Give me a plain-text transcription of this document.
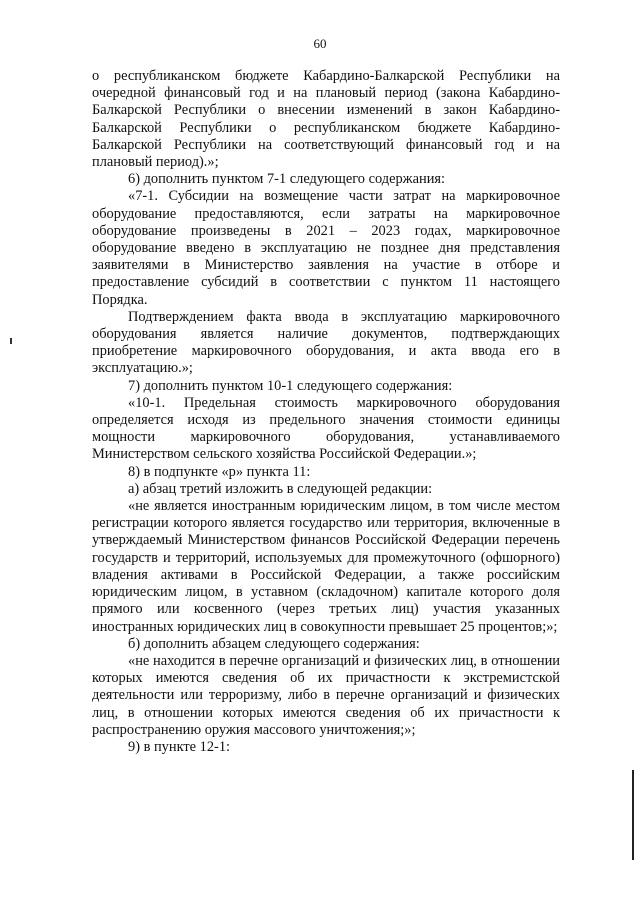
60

о республиканском бюджете Кабардино-Балкарской Республики на очередной финансовый год и на плановый период (закона Кабардино-Балкарской Республики о внесении изменений в закон Кабардино-Балкарской Республики о республиканском бюджете Кабардино-Балкарской Республики на соответствующий финансовый год и на плановый период).»;

6) дополнить пунктом 7-1 следующего содержания:

«7-1. Субсидии на возмещение части затрат на маркировочное оборудование предоставляются, если затраты на маркировочное оборудование произведены в 2021 – 2023 годах, маркировочное оборудование введено в эксплуатацию не позднее дня представления заявителями в Министерство заявления на участие в отборе и предоставление субсидий в соответствии с пунктом 11 настоящего Порядка.

Подтверждением факта ввода в эксплуатацию маркировочного оборудования является наличие документов, подтверждающих приобретение маркировочного оборудования, и акта ввода его в эксплуатацию.»;

7) дополнить пунктом 10-1 следующего содержания:

«10-1. Предельная стоимость маркировочного оборудования определяется исходя из предельного значения стоимости единицы мощности маркировочного оборудования, устанавливаемого Министерством сельского хозяйства Российской Федерации.»;

8) в подпункте «р» пункта 11:

а) абзац третий изложить в следующей редакции:

«не является иностранным юридическим лицом, в том числе местом регистрации которого является государство или территория, включенные в утверждаемый Министерством финансов Российской Федерации перечень государств и территорий, используемых для промежуточного (офшорного) владения активами в Российской Федерации, а также российским юридическим лицом, в уставном (складочном) капитале которого доля прямого или косвенного (через третьих лиц) участия указанных иностранных юридических лиц в совокупности превышает 25 процентов;»;

б) дополнить абзацем следующего содержания:

«не находится в перечне организаций и физических лиц, в отношении которых имеются сведения об их причастности к экстремистской деятельности или терроризму, либо в перечне организаций и физических лиц, в отношении которых имеются сведения об их причастности к распространению оружия массового уничтожения;»;

9) в пункте 12-1:
